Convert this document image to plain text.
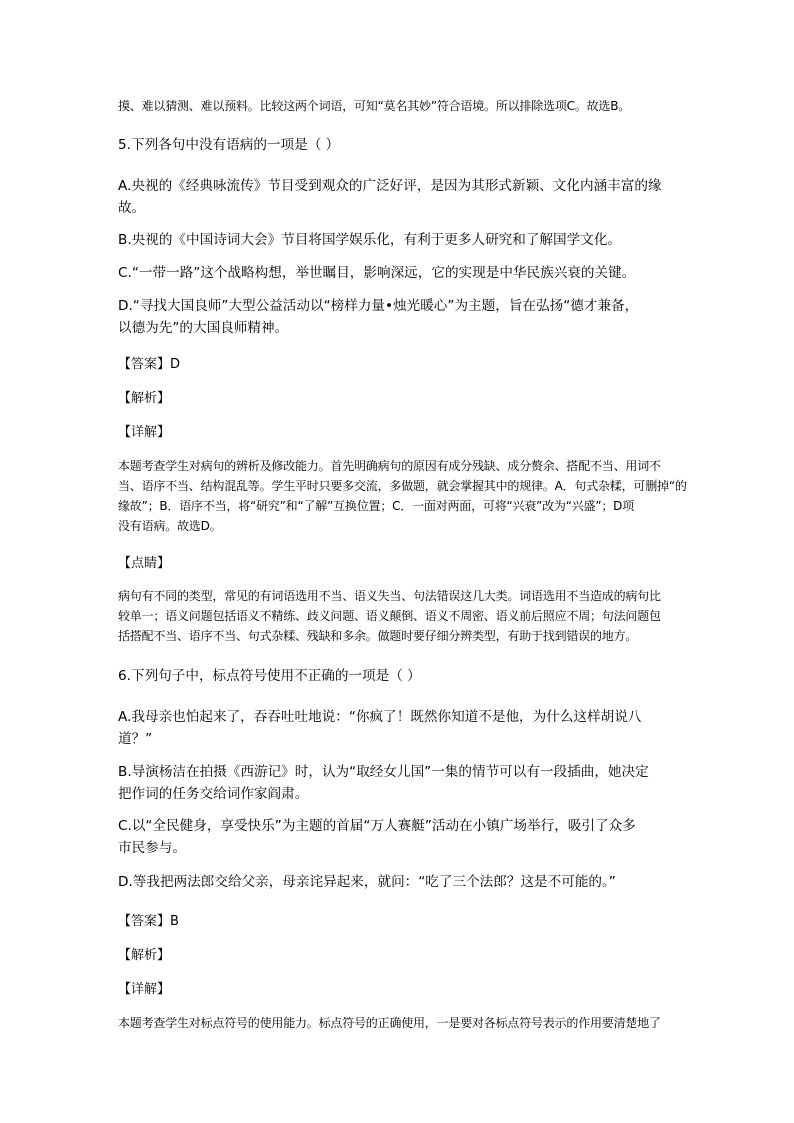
摸、难以猜测、难以预料。比较这两个词语，可知“莫名其妙”符合语境。所以排除选项C。故选B。

5.下列各句中没有语病的一项是（ ）

A.央视的《经典咏流传》节目受到观众的广泛好评，是因为其形式新颖、文化内涵丰富的缘
故。

B.央视的《中国诗词大会》节目将国学娱乐化，有利于更多人研究和了解国学文化。

C.“一带一路”这个战略构想，举世瞩目，影响深远，它的实现是中华民族兴衰的关键。

D.“寻找大国良师”大型公益活动以“榜样力量•烛光暖心”为主题，旨在弘扬“德才兼备，
以德为先”的大国良师精神。

【答案】D

【解析】

【详解】

本题考查学生对病句的辨析及修改能力。首先明确病句的原因有成分残缺、成分赘余、搭配不当、用词不
当、语序不当、结构混乱等。学生平时只要多交流，多做题，就会掌握其中的规律。A．句式杂糅，可删掉“的
缘故”；B．语序不当，将“研究”和“了解”互换位置；C．一面对两面，可将“兴衰”改为“兴盛”；D项
没有语病。故选D。

【点睛】

病句有不同的类型，常见的有词语选用不当、语义失当、句法错误这几大类。词语选用不当造成的病句比
较单一；语义问题包括语义不精练、歧义问题、语义颠倒、语义不周密、语义前后照应不周；句法问题包
括搭配不当、语序不当、句式杂糅、残缺和多余。做题时要仔细分辨类型，有助于找到错误的地方。

6.下列句子中，标点符号使用不正确的一项是（ ）

A.我母亲也怕起来了，吞吞吐吐地说：“你疯了！既然你知道不是他，为什么这样胡说八
道？”

B.导演杨洁在拍摄《西游记》时，认为“取经女儿国”一集的情节可以有一段插曲，她决定
把作词的任务交给词作家阎肃。

C.以“全民健身，享受快乐”为主题的首届“万人赛艇”活动在小镇广场举行，吸引了众多
市民参与。

D.等我把两法郎交给父亲，母亲诧异起来，就问：“吃了三个法郎？这是不可能的。”

【答案】B

【解析】

【详解】

本题考查学生对标点符号的使用能力。标点符号的正确使用，一是要对各标点符号表示的作用要清楚地了
